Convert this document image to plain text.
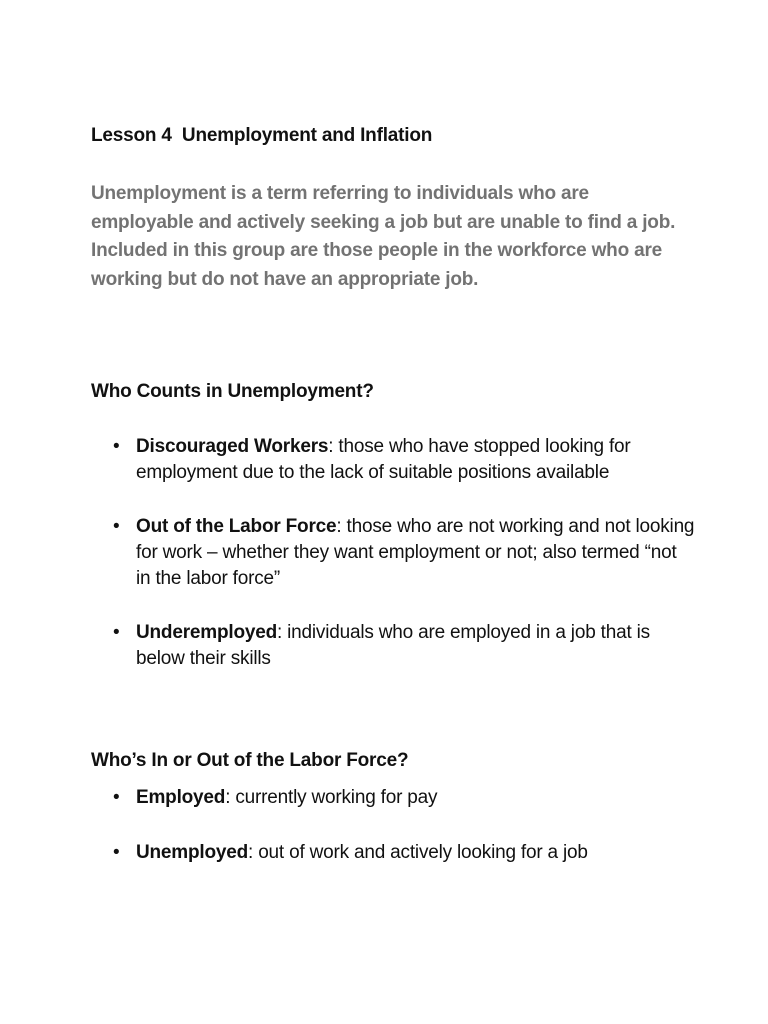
Lesson 4  Unemployment and Inflation

Unemployment is a term referring to individuals who are employable and actively seeking a job but are unable to find a job. Included in this group are those people in the workforce who are working but do not have an appropriate job.

Who Counts in Unemployment?
• Discouraged Workers: those who have stopped looking for employment due to the lack of suitable positions available
• Out of the Labor Force: those who are not working and not looking for work – whether they want employment or not; also termed “not in the labor force”
• Underemployed: individuals who are employed in a job that is below their skills
Who’s In or Out of the Labor Force?
• Employed: currently working for pay
• Unemployed: out of work and actively looking for a job
